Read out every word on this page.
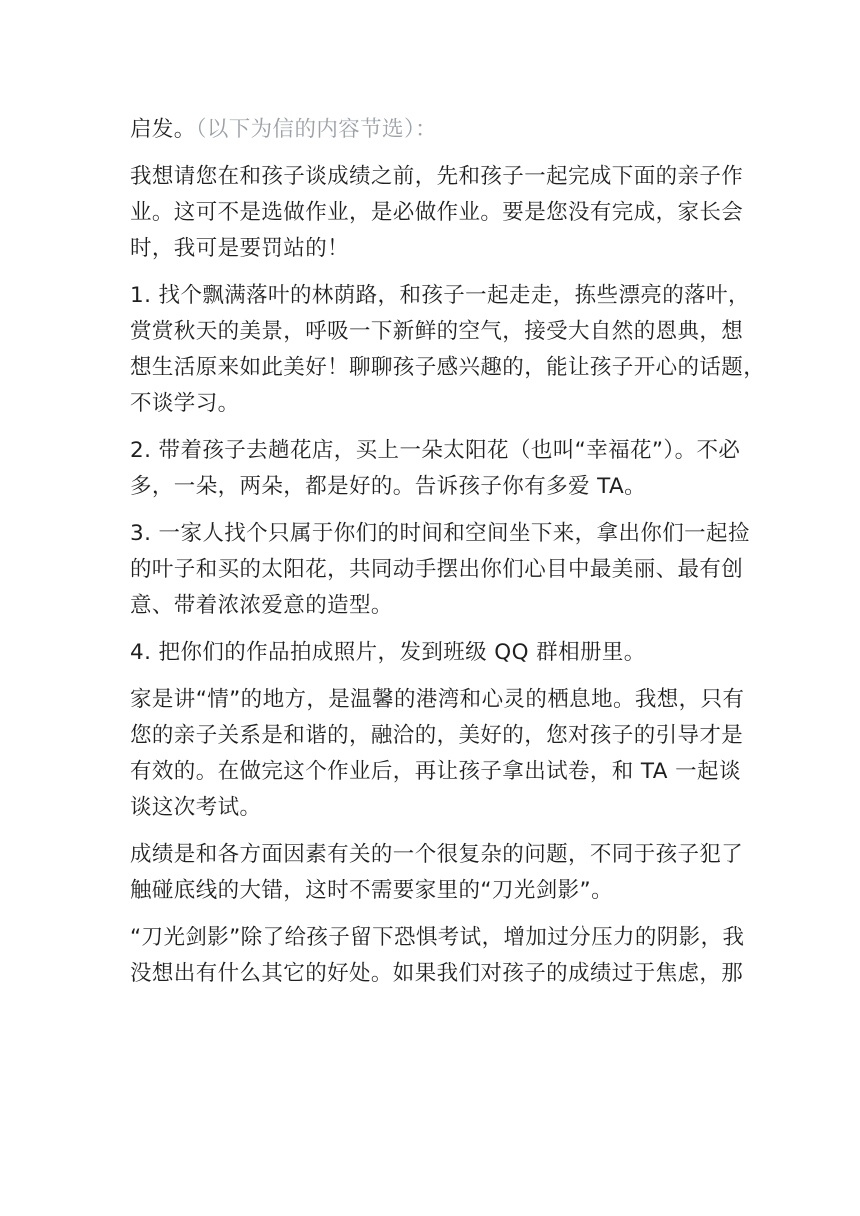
启发。（以下为信的内容节选）：
我想请您在和孩子谈成绩之前，先和孩子一起完成下面的亲子作
业。这可不是选做作业，是必做作业。要是您没有完成，家长会
时，我可是要罚站的！
1. 找个飘满落叶的林荫路，和孩子一起走走，拣些漂亮的落叶，
赏赏秋天的美景，呼吸一下新鲜的空气，接受大自然的恩典，想
想生活原来如此美好！聊聊孩子感兴趣的，能让孩子开心的话题，
不谈学习。
2. 带着孩子去趟花店，买上一朵太阳花（也叫“幸福花”）。不必
多，一朵，两朵，都是好的。告诉孩子你有多爱 TA。
3. 一家人找个只属于你们的时间和空间坐下来，拿出你们一起捡
的叶子和买的太阳花，共同动手摆出你们心目中最美丽、最有创
意、带着浓浓爱意的造型。
4. 把你们的作品拍成照片，发到班级 QQ 群相册里。
家是讲“情”的地方，是温馨的港湾和心灵的栖息地。我想，只有
您的亲子关系是和谐的，融洽的，美好的，您对孩子的引导才是
有效的。在做完这个作业后，再让孩子拿出试卷，和 TA 一起谈
谈这次考试。
成绩是和各方面因素有关的一个很复杂的问题，不同于孩子犯了
触碰底线的大错，这时不需要家里的“刀光剑影”。
“刀光剑影”除了给孩子留下恐惧考试，增加过分压力的阴影，我
没想出有什么其它的好处。如果我们对孩子的成绩过于焦虑，那
